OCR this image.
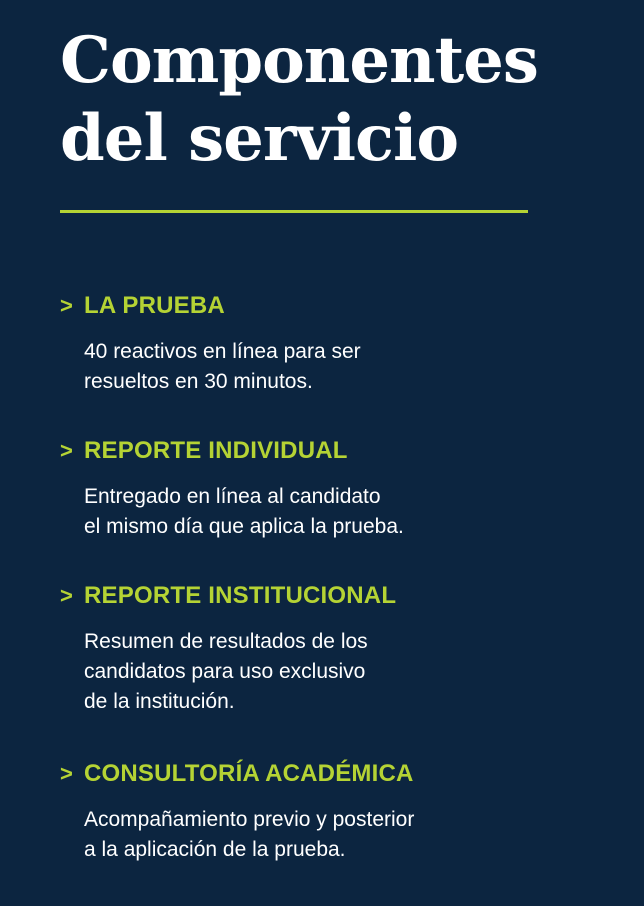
Componentes
del servicio
> LA PRUEBA
40 reactivos en línea para ser
resueltos en 30 minutos.
> REPORTE INDIVIDUAL
Entregado en línea al candidato
el mismo día que aplica la prueba.
> REPORTE INSTITUCIONAL
Resumen de resultados de los
candidatos para uso exclusivo
de la institución.
> CONSULTORÍA ACADÉMICA
Acompañamiento previo y posterior
a la aplicación de la prueba.
